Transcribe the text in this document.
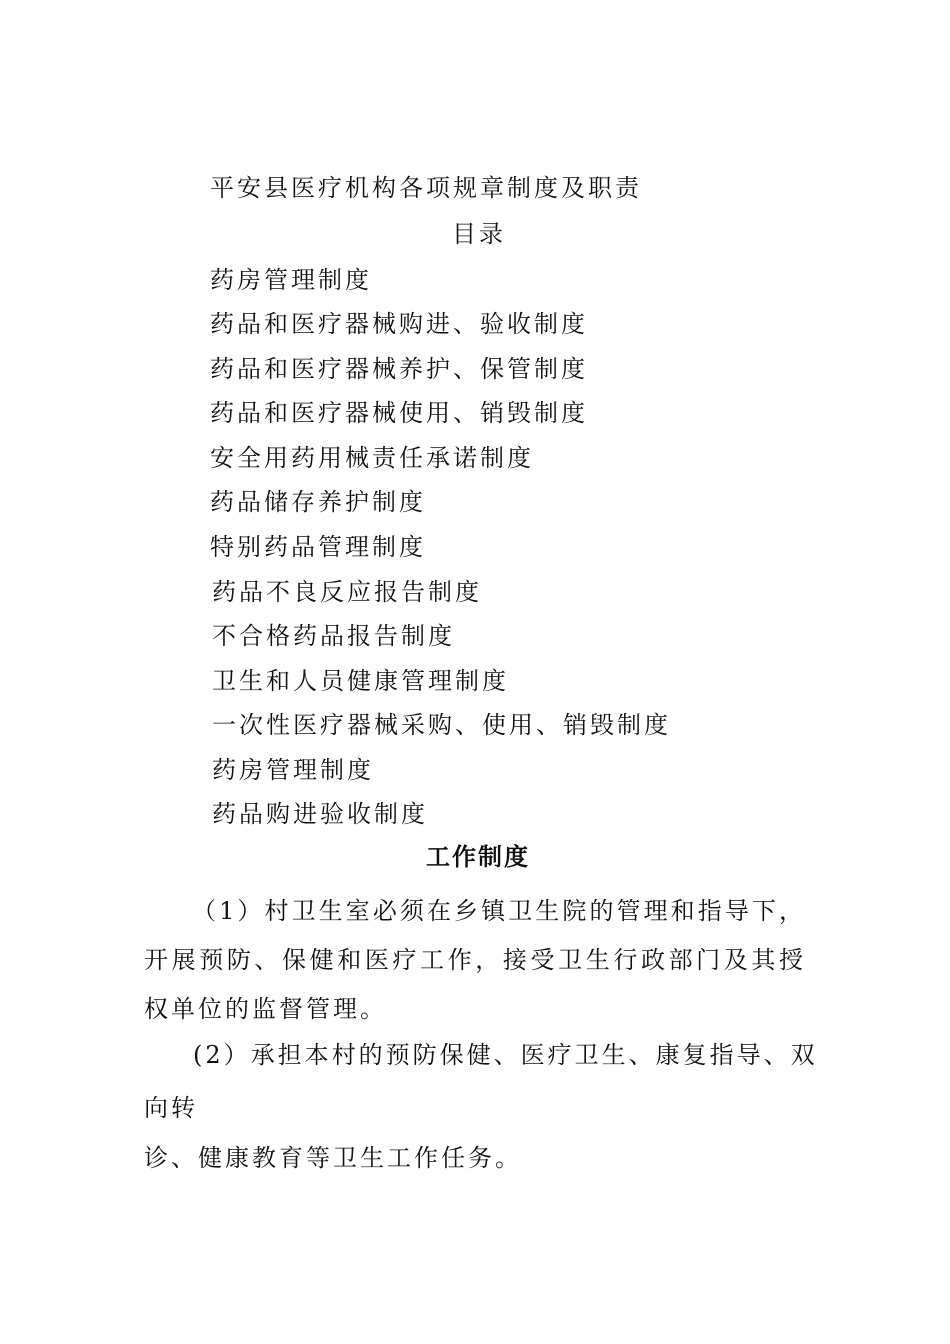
平安县医疗机构各项规章制度及职责
目录
药房管理制度
药品和医疗器械购进、验收制度
药品和医疗器械养护、保管制度
药品和医疗器械使用、销毁制度
安全用药用械责任承诺制度
药品储存养护制度
特别药品管理制度
药品不良反应报告制度
不合格药品报告制度
卫生和人员健康管理制度
一次性医疗器械采购、使用、销毁制度
药房管理制度
药品购进验收制度
工作制度
（1）村卫生室必须在乡镇卫生院的管理和指导下，开展预防、保健和医疗工作，接受卫生行政部门及其授权单位的监督管理。
(2）承担本村的预防保健、医疗卫生、康复指导、双
向转
诊、健康教育等卫生工作任务。
